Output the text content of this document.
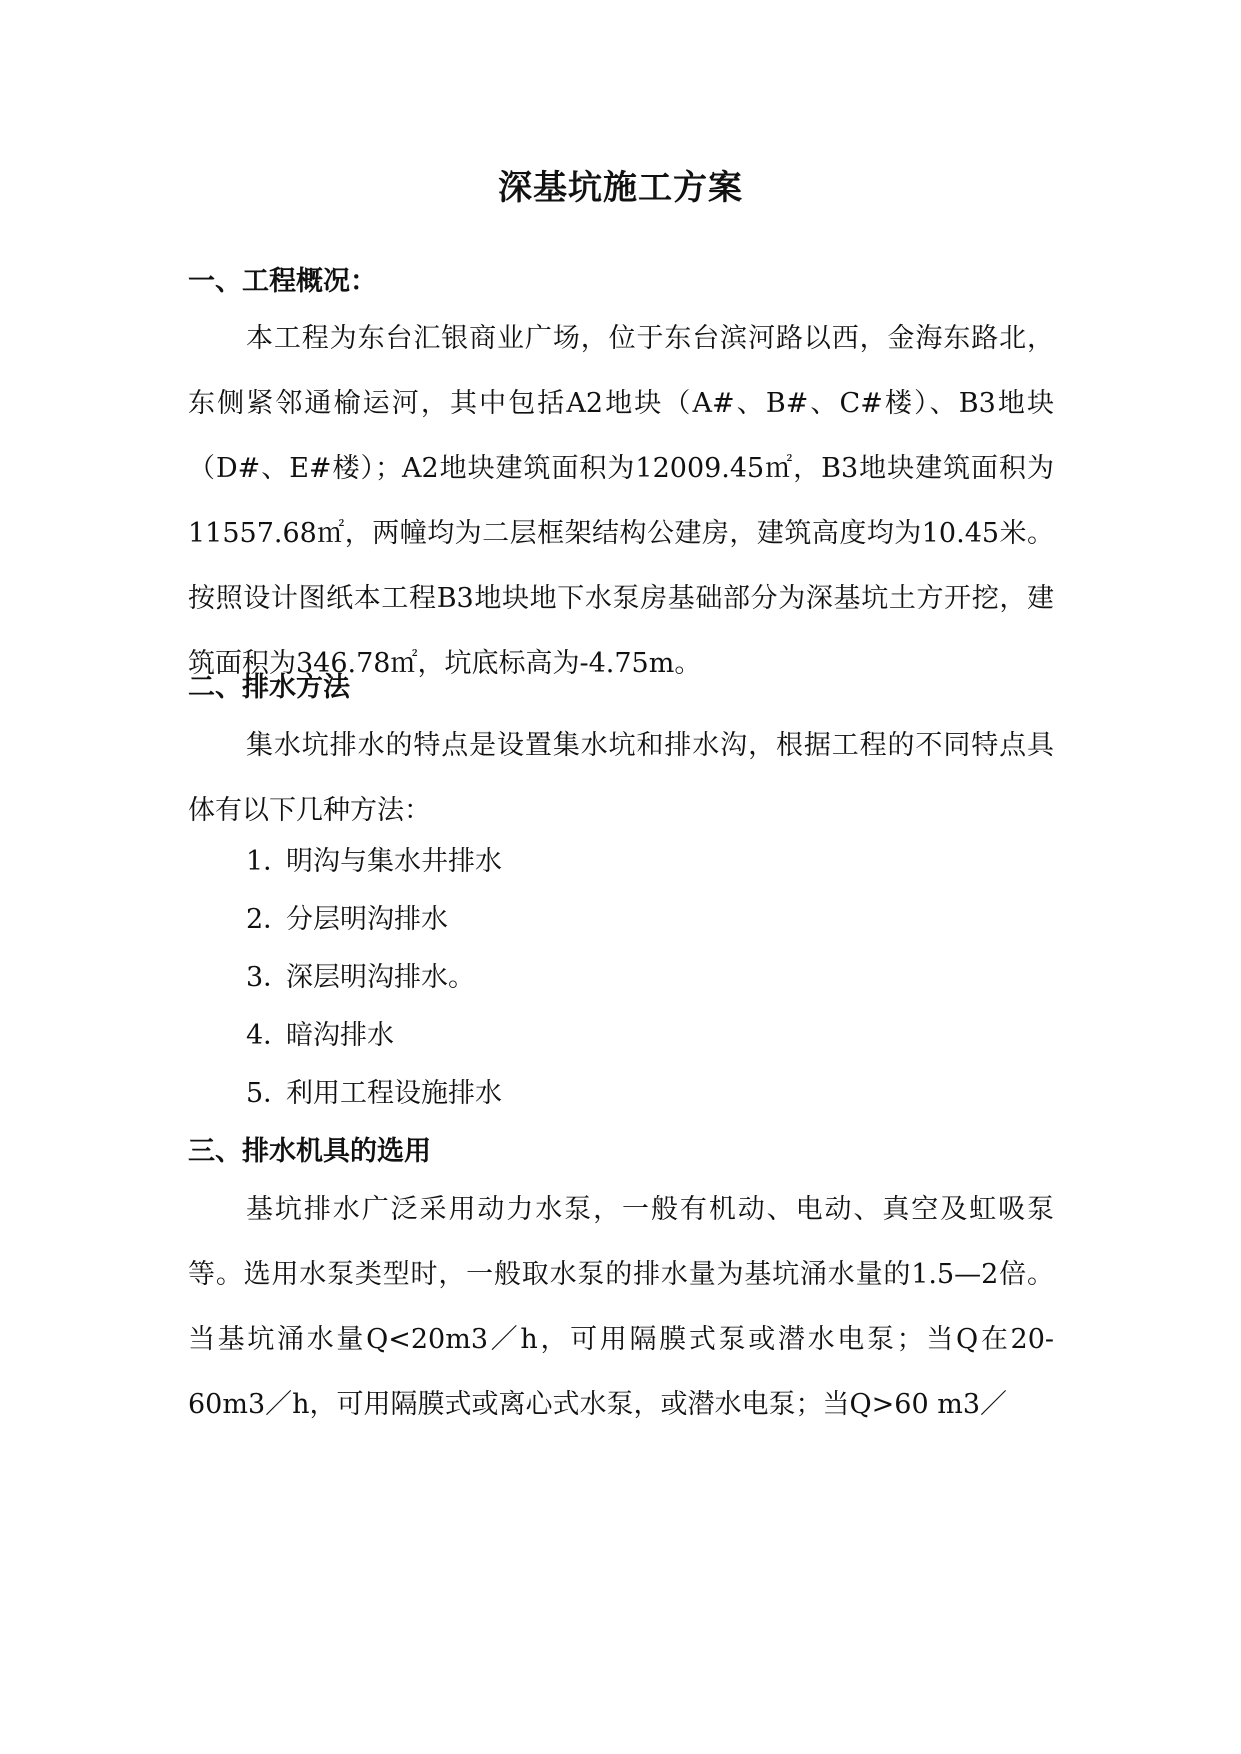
深基坑施工方案
一、工程概况：

本工程为东台汇银商业广场，位于东台滨河路以西，金海东路北，东侧紧邻通榆运河，其中包括A2地块（A#、B#、C#楼）、B3地块（D#、E#楼）；A2地块建筑面积为12009.45㎡，B3地块建筑面积为11557.68㎡，两幢均为二层框架结构公建房，建筑高度均为10.45米。按照设计图纸本工程B3地块地下水泵房基础部分为深基坑土方开挖，建筑面积为346.78㎡，坑底标高为-4.75m。

二、排水方法

集水坑排水的特点是设置集水坑和排水沟，根据工程的不同特点具体有以下几种方法：

1．明沟与集水井排水
2．分层明沟排水
3．深层明沟排水。
4．暗沟排水
5．利用工程设施排水
三、排水机具的选用

基坑排水广泛采用动力水泵，一般有机动、电动、真空及虹吸泵等。选用水泵类型时，一般取水泵的排水量为基坑涌水量的1.5—2倍。当基坑涌水量Q<20m3／h，可用隔膜式泵或潜水电泵；当Q在20-60m3／h，可用隔膜式或离心式水泵，或潜水电泵；当Q>60 m3／
